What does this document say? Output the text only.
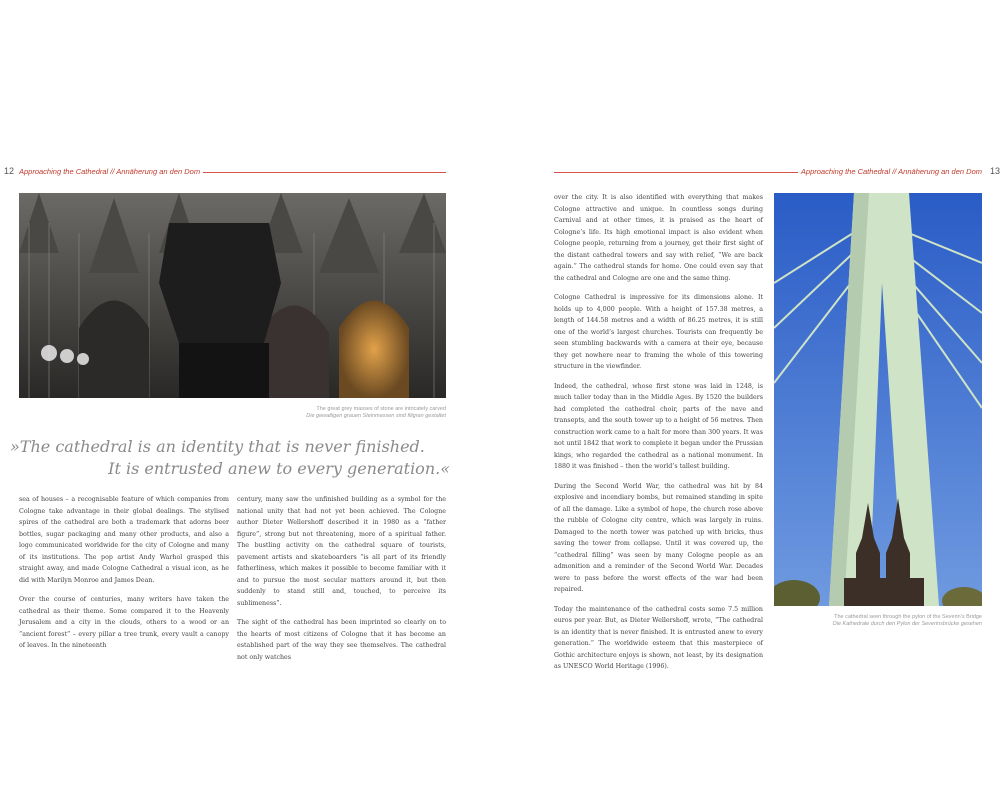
12 Approaching the Cathedral // Annäherung an den Dom
The great grey masses of stone are intricately carved
Die gewaltigen grauen Steinmassen sind filigran gestaltet
»The cathedral is an identity that is never finished.
It is entrusted anew to every generation.«

sea of houses – a recognisable feature of which companies from Cologne take advantage in their global dealings. The stylised spires of the cathedral are both a trademark that adorns beer bottles, sugar packaging and many other products, and also a logo communicated worldwide for the city of Cologne and many of its institutions. The pop artist Andy Warhol grasped this straight away, and made Cologne Cathedral a visual icon, as he did with Marilyn Monroe and James Dean.

Over the course of centuries, many writers have taken the cathedral as their theme. Some compared it to the Heavenly Jerusalem and a city in the clouds, others to a wood or an “ancient forest” – every pillar a tree trunk, every vault a canopy of leaves. In the nineteenth

century, many saw the unfinished building as a symbol for the national unity that had not yet been achieved. The Cologne author Dieter Wellershoff described it in 1980 as a “father figure”, strong but not threatening, more of a spiritual father. The bustling activity on the cathedral square of tourists, pavement artists and skateboarders “is all part of its friendly fatherliness, which makes it possible to become familiar with it and to pursue the most secular matters around it, but then suddenly to stand still and, touched, to perceive its sublimeness”.

The sight of the cathedral has been imprinted so clearly on to the hearts of most citizens of Cologne that it has become an established part of the way they see themselves. The cathedral not only watches

Approaching the Cathedral // Annäherung an den Dom 13

over the city. It is also identified with everything that makes Cologne attractive and unique. In countless songs during Carnival and at other times, it is praised as the heart of Cologne’s life. Its high emotional impact is also evident when Cologne people, returning from a journey, get their first sight of the distant cathedral towers and say with relief, “We are back again.” The cathedral stands for home. One could even say that the cathedral and Cologne are one and the same thing.

Cologne Cathedral is impressive for its dimensions alone. It holds up to 4,000 people. With a height of 157.38 metres, a length of 144.58 metres and a width of 86.25 metres, it is still one of the world’s largest churches. Tourists can frequently be seen stumbling backwards with a camera at their eye, because they get nowhere near to framing the whole of this towering structure in the viewfinder.

Indeed, the cathedral, whose first stone was laid in 1248, is much taller today than in the Middle Ages. By 1520 the builders had completed the cathedral choir, parts of the nave and transepts, and the south tower up to a height of 56 metres. Then construction work came to a halt for more than 300 years. It was not until 1842 that work to complete it began under the Prussian kings, who regarded the cathedral as a national monument. In 1880 it was finished – then the world’s tallest building.

During the Second World War, the cathedral was hit by 84 explosive and incendiary bombs, but remained standing in spite of all the damage. Like a symbol of hope, the church rose above the rubble of Cologne city centre, which was largely in ruins. Damaged to the north tower was patched up with bricks, thus saving the tower from collapse. Until it was covered up, the “cathedral filling” was seen by many Cologne people as an admonition and a reminder of the Second World War. Decades were to pass before the worst effects of the war had been repaired.

Today the maintenance of the cathedral costs some 7.5 million euros per year. But, as Dieter Wellershoff, wrote, “The cathedral is an identity that is never finished. It is entrusted anew to every generation.” The worldwide esteem that this masterpiece of Gothic architecture enjoys is shown, not least, by its designation as UNESCO World Heritage (1996).

The cathedral seen through the pylon of the Severin’s Bridge
Die Kathedrale durch den Pylon der Severinsbrücke gesehen
